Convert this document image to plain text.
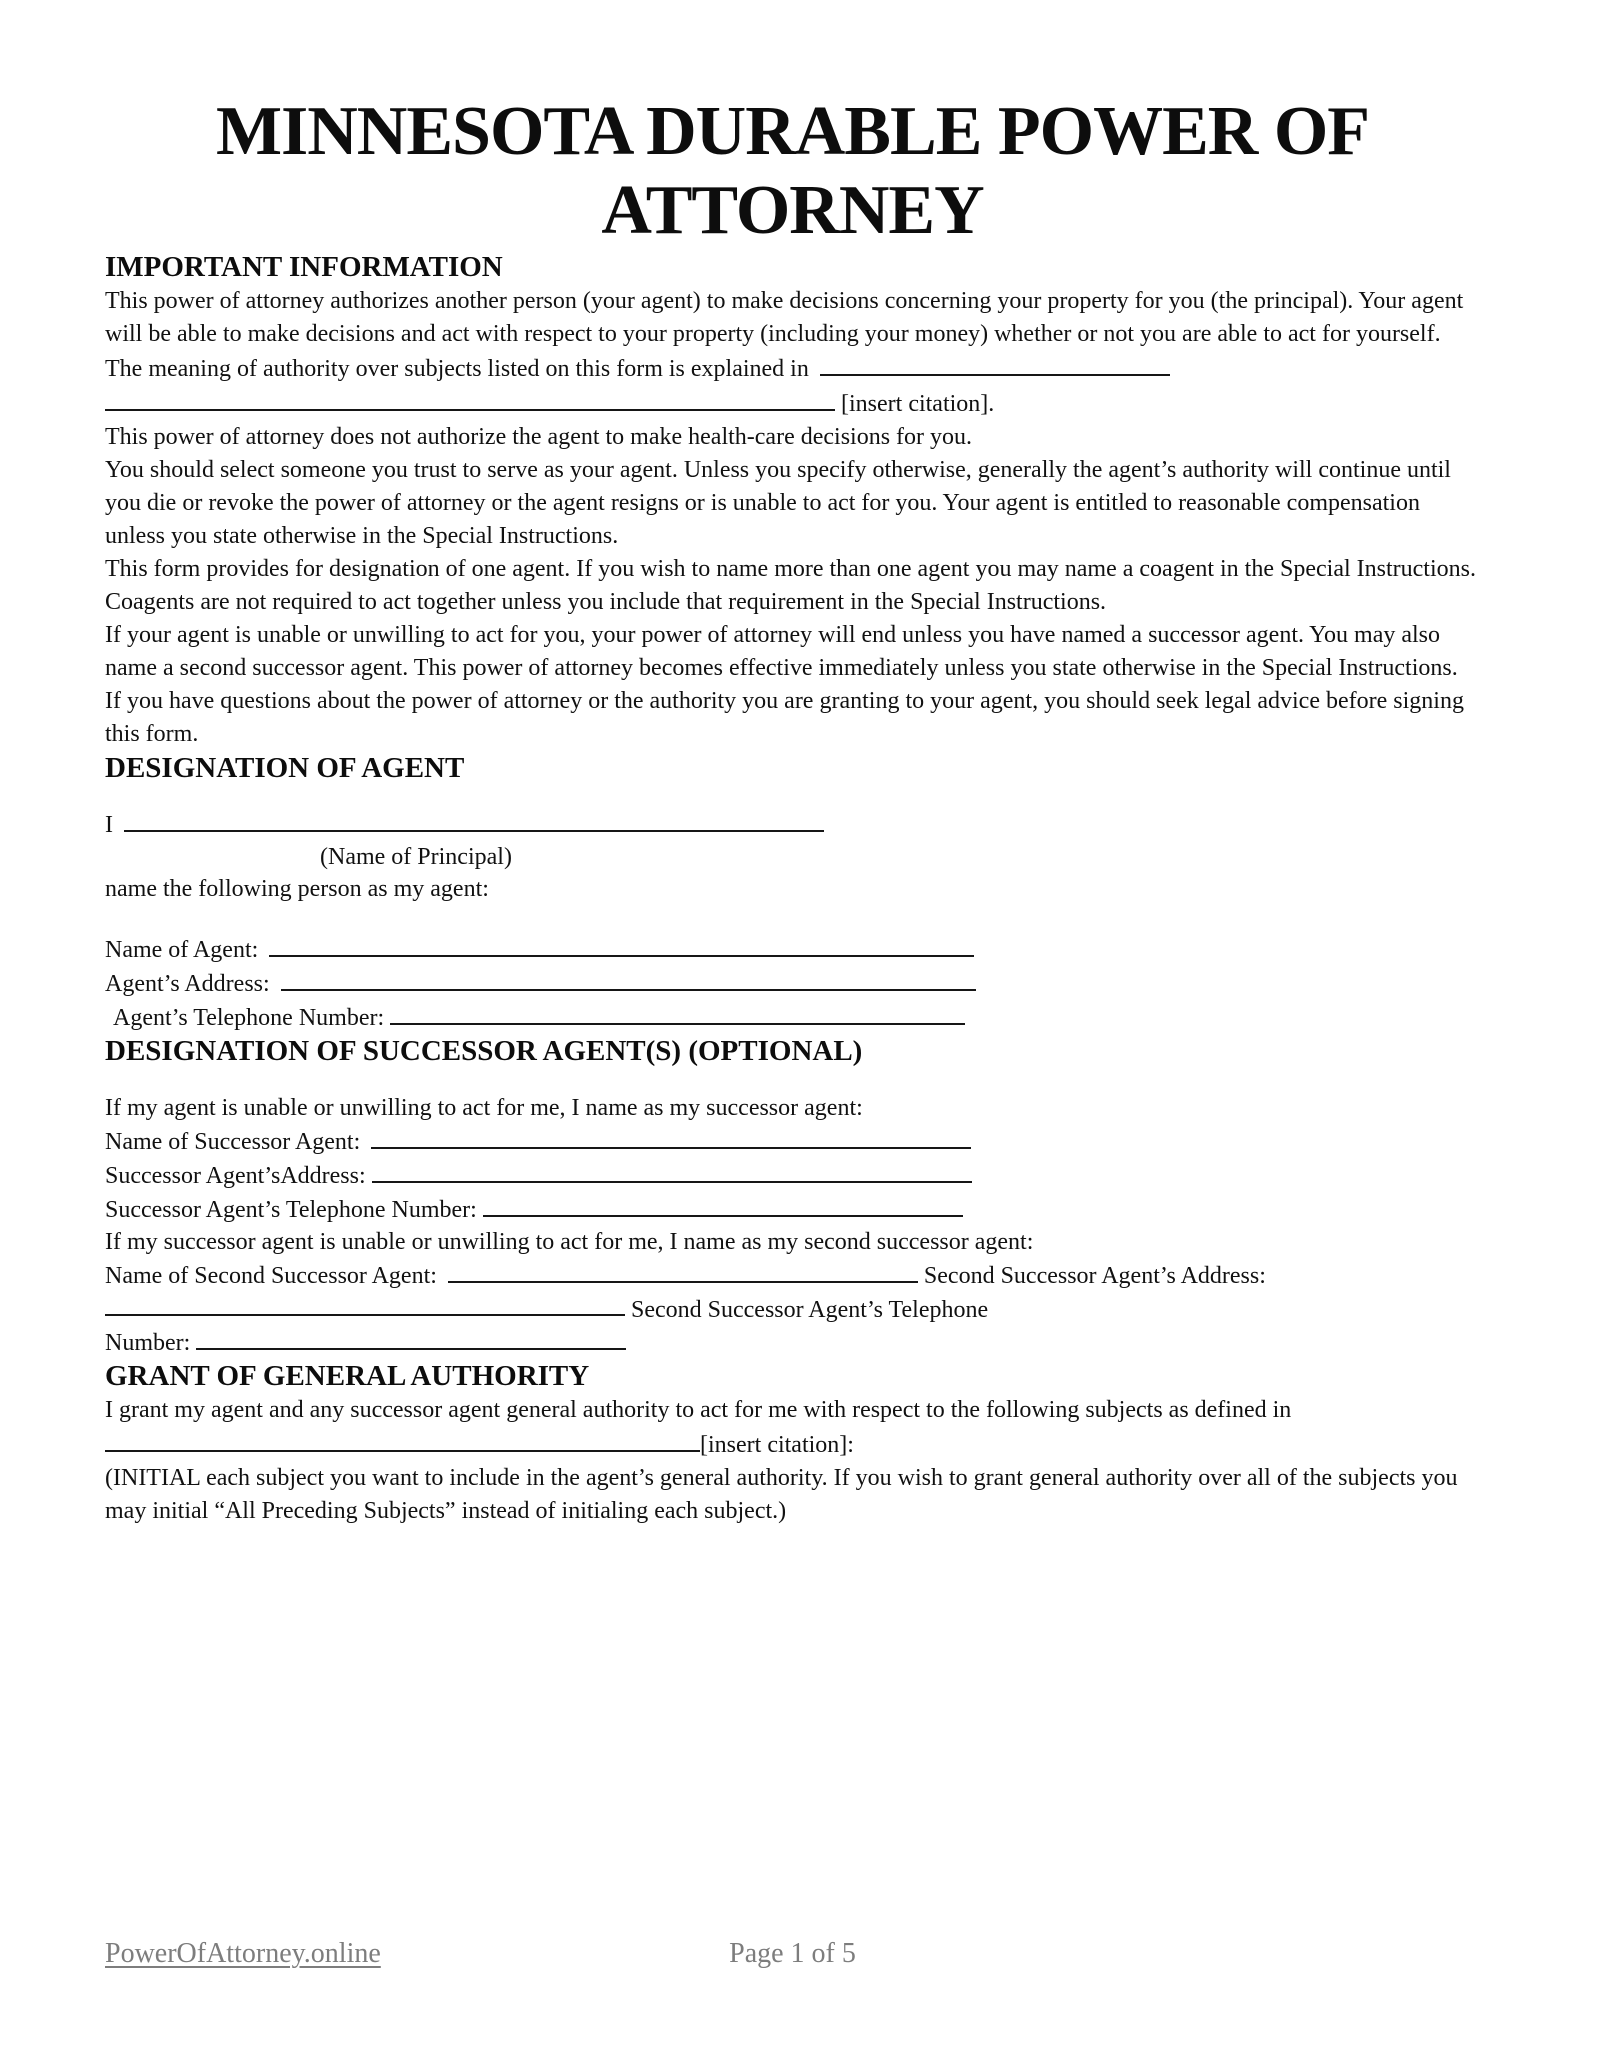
MINNESOTA DURABLE POWER OF ATTORNEY
IMPORTANT INFORMATION

This power of attorney authorizes another person (your agent) to make decisions concerning your property for you (the principal). Your agent will be able to make decisions and act with respect to your property (including your money) whether or not you are able to act for yourself. The meaning of authority over subjects listed on this form is explained in
[insert citation].

This power of attorney does not authorize the agent to make health-care decisions for you.

You should select someone you trust to serve as your agent. Unless you specify otherwise, generally the agent’s authority will continue until you die or revoke the power of attorney or the agent resigns or is unable to act for you. Your agent is entitled to reasonable compensation unless you state otherwise in the Special Instructions.

This form provides for designation of one agent. If you wish to name more than one agent you may name a coagent in the Special Instructions. Coagents are not required to act together unless you include that requirement in the Special Instructions.

If your agent is unable or unwilling to act for you, your power of attorney will end unless you have named a successor agent. You may also name a second successor agent. This power of attorney becomes effective immediately unless you state otherwise in the Special Instructions.

If you have questions about the power of attorney or the authority you are granting to your agent, you should seek legal advice before signing this form.

DESIGNATION OF AGENT
I
(Name of Principal)

name the following person as my agent:

Name of Agent:
Agent’s Address:
Agent’s Telephone Number:
DESIGNATION OF SUCCESSOR AGENT(S) (OPTIONAL)
If my agent is unable or unwilling to act for me, I name as my successor agent:
Name of Successor Agent:
Successor Agent’sAddress:
Successor Agent’s Telephone Number:
If my successor agent is unable or unwilling to act for me, I name as my second successor agent:
Name of Second Successor Agent:	Second Successor Agent’s Address:
Second Successor Agent’s Telephone
Number:
GRANT OF GENERAL AUTHORITY

I grant my agent and any successor agent general authority to act for me with respect to the following subjects as defined in [insert citation]:

(INITIAL each subject you want to include in the agent’s general authority. If you wish to grant general authority over all of the subjects you may initial “All Preceding Subjects” instead of initialing each subject.)

PowerOfAttorney.online	Page 1 of 5
